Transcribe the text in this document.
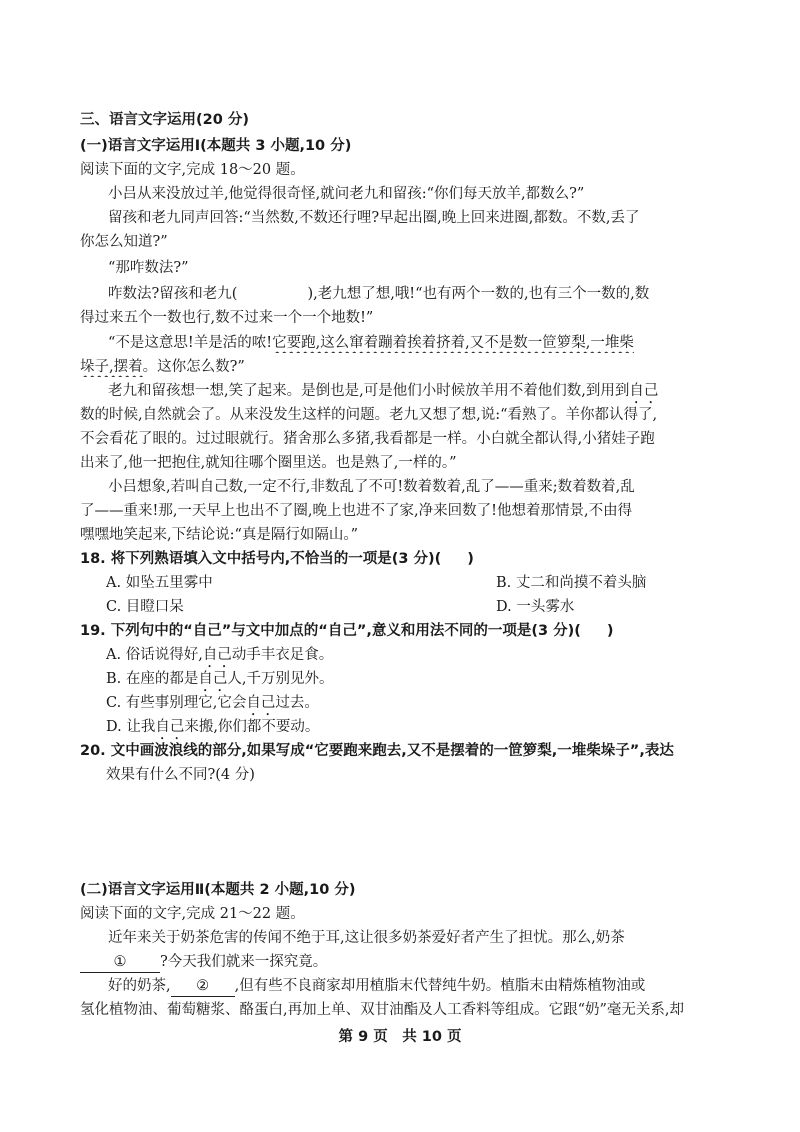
三、语言文字运用(20 分)
(一)语言文字运用Ⅰ(本题共 3 小题,10 分)
阅读下面的文字,完成 18～20 题。
小吕从来没放过羊,他觉得很奇怪,就问老九和留孩:“你们每天放羊,都数么?”
留孩和老九同声回答:“当然数,不数还行哩?早起出圈,晚上回来进圈,都数。不数,丢了
你怎么知道?”
“那咋数法?”
咋数法?留孩和老九(	),老九想了想,哦!“也有两个一数的,也有三个一数的,数
得过来五个一数也行,数不过来一个一个地数!”
“不是这意思!羊是活的哝!它要跑,这么窜着蹦着挨着挤着,又不是数一笸箩梨,一堆柴
垛子,摆着。这你怎么数?”
老九和留孩想一想,笑了起来。是倒也是,可是他们小时候放羊用不着他们数,到用到自己
数的时候,自然就会了。从来没发生这样的问题。老九又想了想,说:“看熟了。羊你都认得了,
不会看花了眼的。过过眼就行。猪舍那么多猪,我看都是一样。小白就全都认得,小猪娃子跑
出来了,他一把抱住,就知往哪个圈里送。也是熟了,一样的。”
小吕想象,若叫自己数,一定不行,非数乱了不可!数着数着,乱了——重来;数着数着,乱
了——重来!那,一天早上也出不了圈,晚上也进不了家,净来回数了!他想着那情景,不由得
嘿嘿地笑起来,下结论说:“真是隔行如隔山。”
18. 将下列熟语填入文中括号内,不恰当的一项是(3 分)( )
A. 如坠五里雾中	B. 丈二和尚摸不着头脑
C. 目瞪口呆	D. 一头雾水
19. 下列句中的“自己”与文中加点的“自己”,意义和用法不同的一项是(3 分)( )
A. 俗话说得好,自己动手丰衣足食。
B. 在座的都是自己人,千万别见外。
C. 有些事别理它,它会自己过去。
D. 让我自己来搬,你们都不要动。
20. 文中画波浪线的部分,如果写成“它要跑来跑去,又不是摆着的一笸箩梨,一堆柴垛子”,表达
效果有什么不同?(4 分)
(二)语言文字运用Ⅱ(本题共 2 小题,10 分)
阅读下面的文字,完成 21～22 题。
近年来关于奶茶危害的传闻不绝于耳,这让很多奶茶爱好者产生了担忧。那么,奶茶
① ?今天我们就来一探究竟。
好的奶茶, ② ,但有些不良商家却用植脂末代替纯牛奶。植脂末由精炼植物油或
氢化植物油、葡萄糖浆、酪蛋白,再加上单、双甘油酯及人工香料等组成。它跟“奶”毫无关系,却
第 9 页　共 10 页
